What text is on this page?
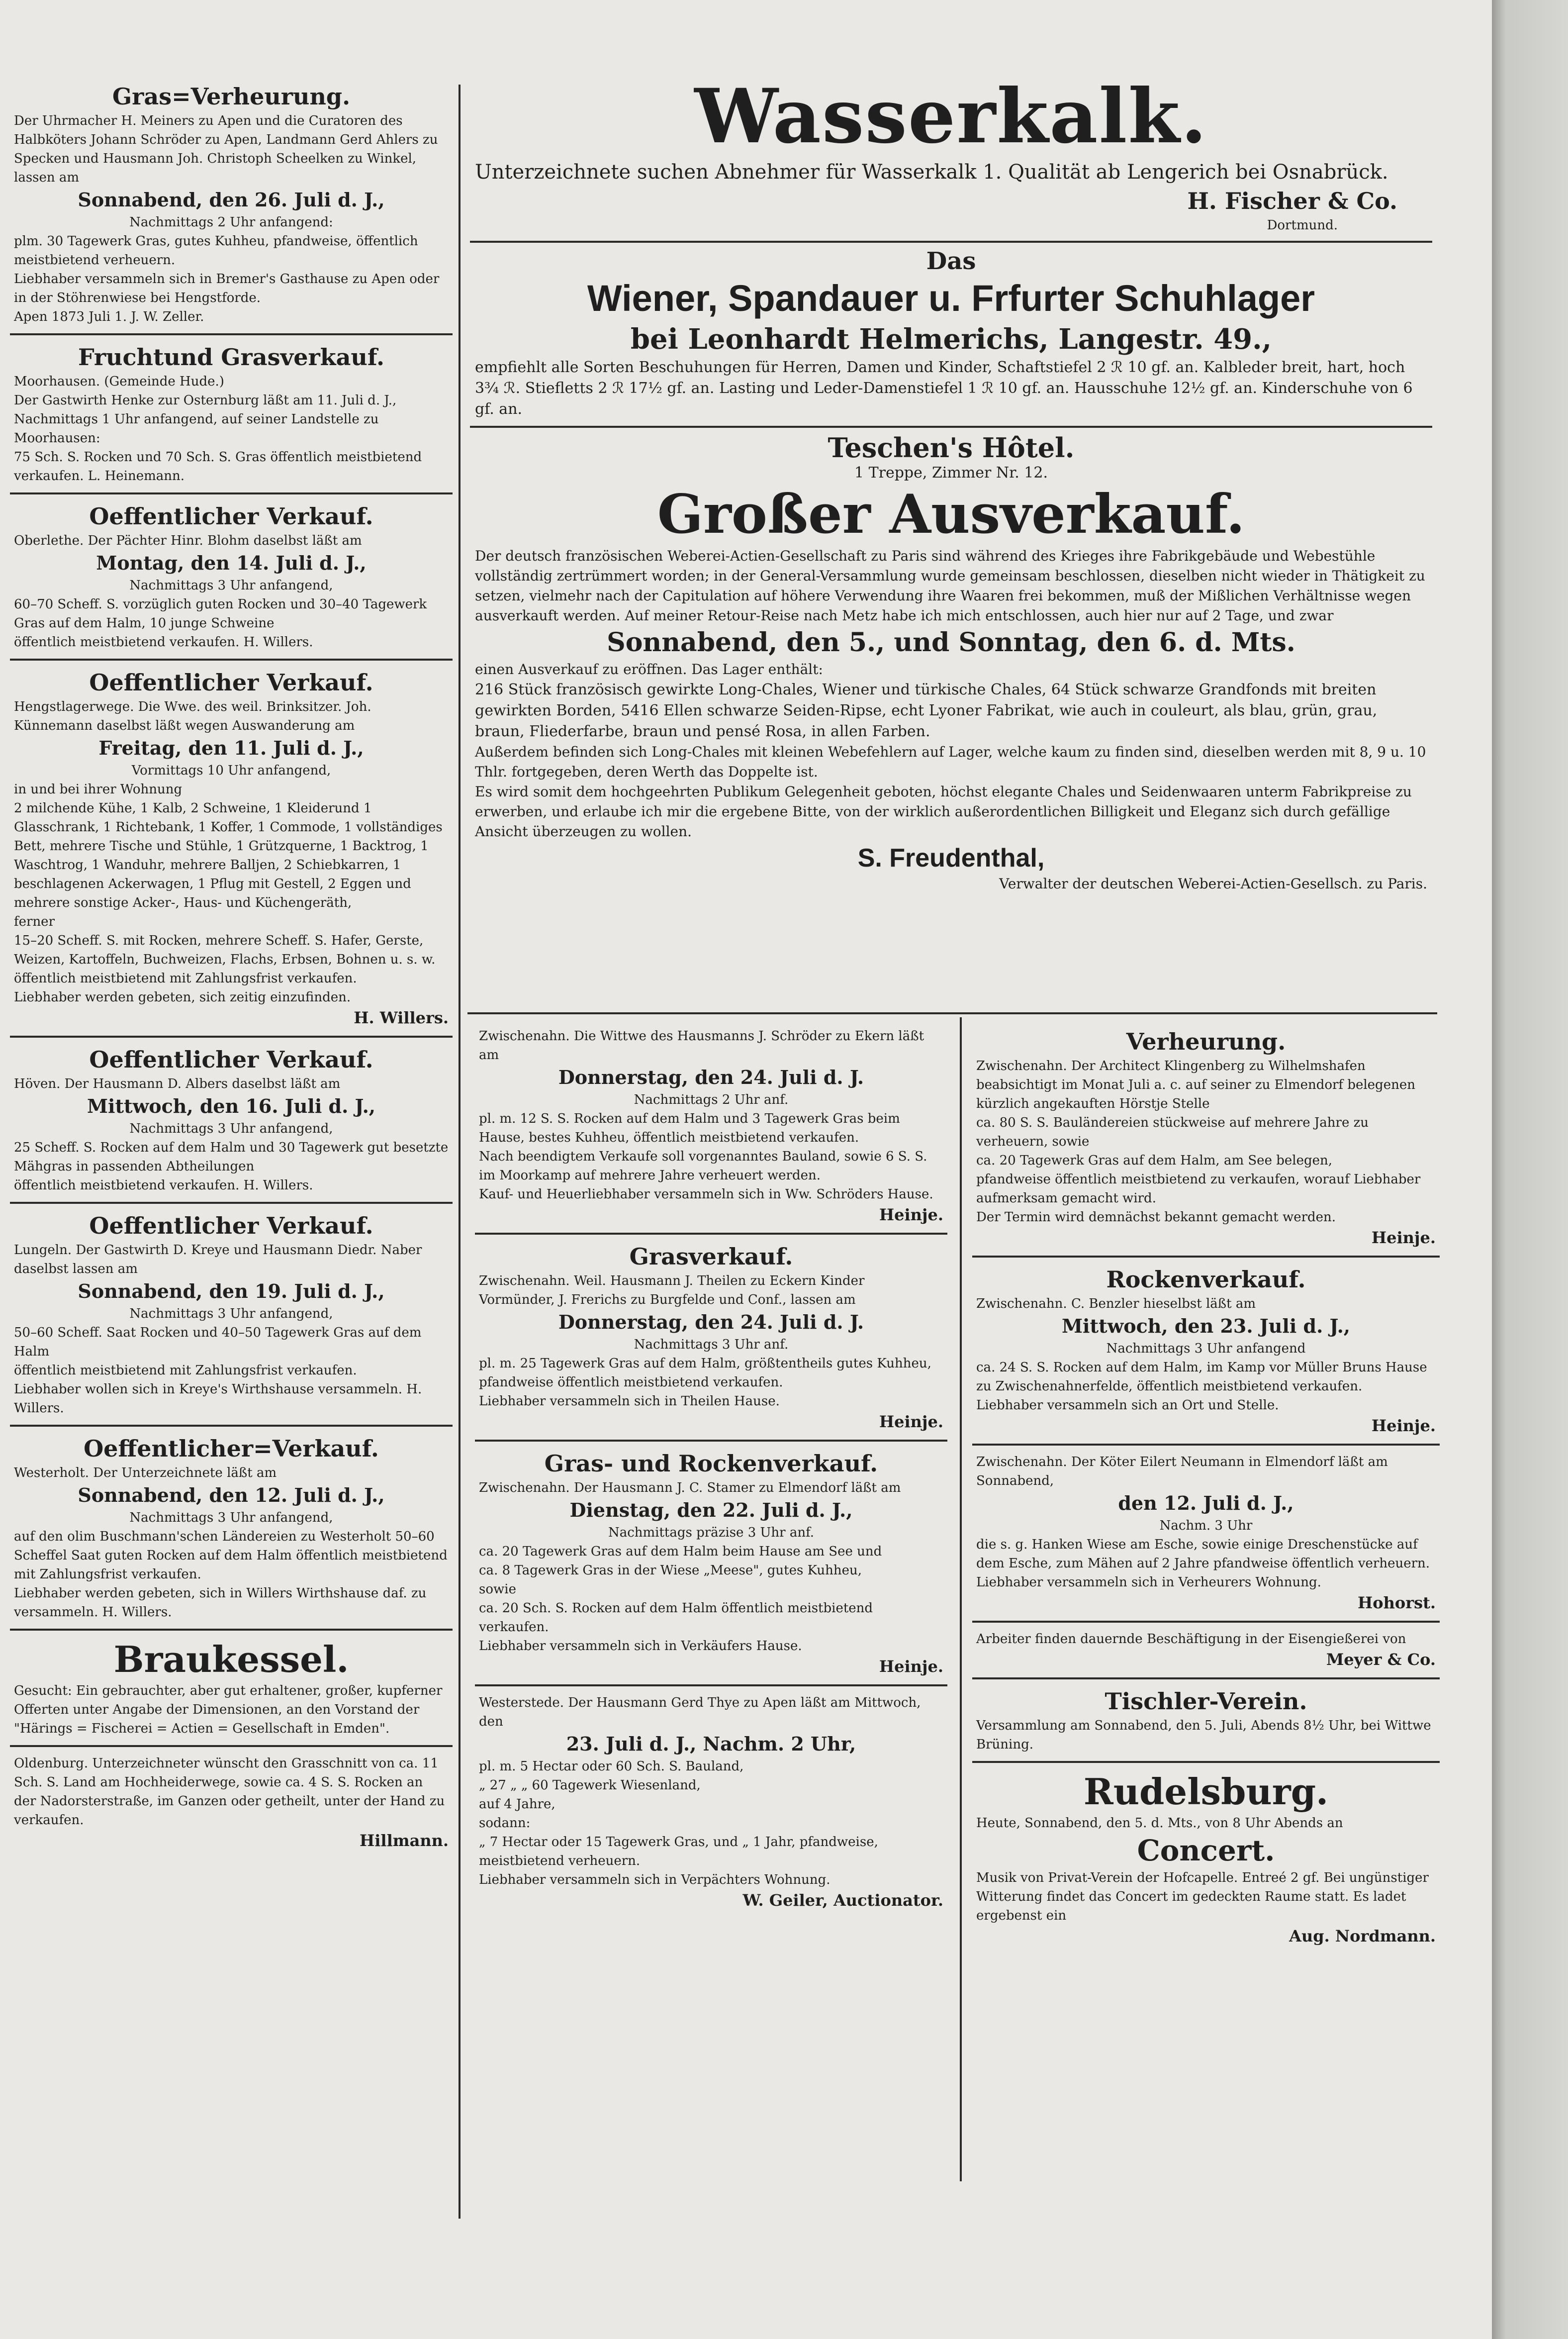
Gras=Verheurung.

Der Uhrmacher H. Meiners zu Apen und die Curatoren des Halbköters Johann Schröder zu Apen, Landmann Gerd Ahlers zu Specken und Hausmann Joh. Christoph Scheelken zu Winkel, lassen am

Sonnabend, den 26. Juli d. J.,

Nachmittags 2 Uhr anfangend:

plm. 30 Tagewerk Gras, gutes Kuhheu, pfandweise, öffentlich meistbietend verheuern.

Liebhaber versammeln sich in Bremer's Gasthause zu Apen oder in der Stöhrenwiese bei Hengstforde.

Apen 1873 Juli 1. J. W. Zeller.

Fruchtund Grasverkauf.

Moorhausen. (Gemeinde Hude.)

Der Gastwirth Henke zur Osternburg läßt am 11. Juli d. J., Nachmittags 1 Uhr anfangend, auf seiner Landstelle zu Moorhausen:

75 Sch. S. Rocken und 70 Sch. S. Gras öffentlich meistbietend verkaufen. L. Heinemann.

Oeffentlicher Verkauf.

Oberlethe. Der Pächter Hinr. Blohm daselbst läßt am

Montag, den 14. Juli d. J.,

Nachmittags 3 Uhr anfangend,

60–70 Scheff. S. vorzüglich guten Rocken und 30–40 Tagewerk Gras auf dem Halm, 10 junge Schweine

öffentlich meistbietend verkaufen. H. Willers.

Oeffentlicher Verkauf.

Hengstlagerwege. Die Wwe. des weil. Brinksitzer. Joh. Künnemann daselbst läßt wegen Auswanderung am

Freitag, den 11. Juli d. J.,

Vormittags 10 Uhr anfangend,

in und bei ihrer Wohnung

2 milchende Kühe, 1 Kalb, 2 Schweine, 1 Kleiderund 1 Glasschrank, 1 Richtebank, 1 Koffer, 1 Commode, 1 vollständiges Bett, mehrere Tische und Stühle, 1 Grützquerne, 1 Backtrog, 1 Waschtrog, 1 Wanduhr, mehrere Balljen, 2 Schiebkarren, 1 beschlagenen Ackerwagen, 1 Pflug mit Gestell, 2 Eggen und mehrere sonstige Acker-, Haus- und Küchengeräth,

ferner

15–20 Scheff. S. mit Rocken, mehrere Scheff. S. Hafer, Gerste, Weizen, Kartoffeln, Buchweizen, Flachs, Erbsen, Bohnen u. s. w.

öffentlich meistbietend mit Zahlungsfrist verkaufen.

Liebhaber werden gebeten, sich zeitig einzufinden.

H. Willers.

Oeffentlicher Verkauf.

Höven. Der Hausmann D. Albers daselbst läßt am

Mittwoch, den 16. Juli d. J.,

Nachmittags 3 Uhr anfangend,

25 Scheff. S. Rocken auf dem Halm und 30 Tagewerk gut besetzte Mähgras in passenden Abtheilungen

öffentlich meistbietend verkaufen. H. Willers.

Oeffentlicher Verkauf.

Lungeln. Der Gastwirth D. Kreye und Hausmann Diedr. Naber daselbst lassen am

Sonnabend, den 19. Juli d. J.,

Nachmittags 3 Uhr anfangend,

50–60 Scheff. Saat Rocken und 40–50 Tagewerk Gras auf dem Halm

öffentlich meistbietend mit Zahlungsfrist verkaufen.

Liebhaber wollen sich in Kreye's Wirthshause versammeln. H. Willers.

Oeffentlicher=Verkauf.

Westerholt. Der Unterzeichnete läßt am

Sonnabend, den 12. Juli d. J.,

Nachmittags 3 Uhr anfangend,

auf den olim Buschmann'schen Ländereien zu Westerholt 50–60 Scheffel Saat guten Rocken auf dem Halm öffentlich meistbietend mit Zahlungsfrist verkaufen.

Liebhaber werden gebeten, sich in Willers Wirthshause daf. zu versammeln. H. Willers.

Braukessel.

Gesucht: Ein gebrauchter, aber gut erhaltener, großer, kupferner

Offerten unter Angabe der Dimensionen, an den Vorstand der "Härings = Fischerei = Actien = Gesellschaft in Emden".

Oldenburg. Unterzeichneter wünscht den Grasschnitt von ca. 11 Sch. S. Land am Hochheiderwege, sowie ca. 4 S. S. Rocken an der Nadorsterstraße, im Ganzen oder getheilt, unter der Hand zu verkaufen.

Hillmann.

Wasserkalk.

Unterzeichnete suchen Abnehmer für Wasserkalk 1. Qualität ab Lengerich bei Osnabrück.

H. Fischer & Co.

Dortmund.

Das

Wiener, Spandauer u. Frfurter Schuhlager

bei Leonhardt Helmerichs, Langestr. 49.,

empfiehlt alle Sorten Beschuhungen für Herren, Damen und Kinder, Schaftstiefel 2 ℛ 10 gf. an. Kalbleder breit, hart, hoch 3¾ ℛ. Stiefletts 2 ℛ 17½ gf. an. Lasting und Leder-Damenstiefel 1 ℛ 10 gf. an. Hausschuhe 12½ gf. an. Kinderschuhe von 6 gf. an.

Teschen's Hôtel.

1 Treppe, Zimmer Nr. 12.

Großer Ausverkauf.

Der deutsch französischen Weberei-Actien-Gesellschaft zu Paris sind während des Krieges ihre Fabrikgebäude und Webestühle vollständig zertrümmert worden; in der General-Versammlung wurde gemeinsam beschlossen, dieselben nicht wieder in Thätigkeit zu setzen, vielmehr nach der Capitulation auf höhere Verwendung ihre Waaren frei bekommen, muß der Mißlichen Verhältnisse wegen ausverkauft werden. Auf meiner Retour-Reise nach Metz habe ich mich entschlossen, auch hier nur auf 2 Tage, und zwar

Sonnabend, den 5., und Sonntag, den 6. d. Mts.

einen Ausverkauf zu eröffnen. Das Lager enthält:

216 Stück französisch gewirkte Long-Chales, Wiener und türkische Chales, 64 Stück schwarze Grandfonds mit breiten gewirkten Borden, 5416 Ellen schwarze Seiden-Ripse, echt Lyoner Fabrikat, wie auch in couleurt, als blau, grün, grau, braun, Fliederfarbe, braun und pensé Rosa, in allen Farben.

Außerdem befinden sich Long-Chales mit kleinen Webefehlern auf Lager, welche kaum zu finden sind, dieselben werden mit 8, 9 u. 10 Thlr. fortgegeben, deren Werth das Doppelte ist.

Es wird somit dem hochgeehrten Publikum Gelegenheit geboten, höchst elegante Chales und Seidenwaaren unterm Fabrikpreise zu erwerben, und erlaube ich mir die ergebene Bitte, von der wirklich außerordentlichen Billigkeit und Eleganz sich durch gefällige Ansicht überzeugen zu wollen.

S. Freudenthal,

Verwalter der deutschen Weberei-Actien-Gesellsch. zu Paris.

Zwischenahn. Die Wittwe des Hausmanns J. Schröder zu Ekern läßt am

Donnerstag, den 24. Juli d. J.

Nachmittags 2 Uhr anf.

pl. m. 12 S. S. Rocken auf dem Halm und 3 Tagewerk Gras beim Hause, bestes Kuhheu, öffentlich meistbietend verkaufen.

Nach beendigtem Verkaufe soll vorgenanntes Bauland, sowie 6 S. S. im Moorkamp auf mehrere Jahre verheuert werden.

Kauf- und Heuerliebhaber versammeln sich in Ww. Schröders Hause.

Heinje.

Grasverkauf.

Zwischenahn. Weil. Hausmann J. Theilen zu Eckern Kinder Vormünder, J. Frerichs zu Burgfelde und Conf., lassen am

Donnerstag, den 24. Juli d. J.

Nachmittags 3 Uhr anf.

pl. m. 25 Tagewerk Gras auf dem Halm, größtentheils gutes Kuhheu, pfandweise öffentlich meistbietend verkaufen.

Liebhaber versammeln sich in Theilen Hause.

Heinje.

Gras- und Rockenverkauf.

Zwischenahn. Der Hausmann J. C. Stamer zu Elmendorf läßt am

Dienstag, den 22. Juli d. J.,

Nachmittags präzise 3 Uhr anf.

ca. 20 Tagewerk Gras auf dem Halm beim Hause am See und

ca. 8 Tagewerk Gras in der Wiese „Meese", gutes Kuhheu,

sowie

ca. 20 Sch. S. Rocken auf dem Halm öffentlich meistbietend verkaufen.

Liebhaber versammeln sich in Verkäufers Hause.

Heinje.

Westerstede. Der Hausmann Gerd Thye zu Apen läßt am Mittwoch, den

23. Juli d. J., Nachm. 2 Uhr,

pl. m. 5 Hectar oder 60 Sch. S. Bauland,

„ 27 „ „ 60 Tagewerk Wiesenland,

auf 4 Jahre,

sodann:

„ 7 Hectar oder 15 Tagewerk Gras, und „ 1 Jahr, pfandweise,

meistbietend verheuern.

Liebhaber versammeln sich in Verpächters Wohnung.

W. Geiler, Auctionator.

Verheurung.

Zwischenahn. Der Architect Klingenberg zu Wilhelmshafen beabsichtigt im Monat Juli a. c. auf seiner zu Elmendorf belegenen kürzlich angekauften Hörstje Stelle

ca. 80 S. S. Bauländereien stückweise auf mehrere Jahre zu verheuern, sowie

ca. 20 Tagewerk Gras auf dem Halm, am See belegen,

pfandweise öffentlich meistbietend zu verkaufen, worauf Liebhaber aufmerksam gemacht wird.

Der Termin wird demnächst bekannt gemacht werden.

Heinje.

Rockenverkauf.

Zwischenahn. C. Benzler hieselbst läßt am

Mittwoch, den 23. Juli d. J.,

Nachmittags 3 Uhr anfangend

ca. 24 S. S. Rocken auf dem Halm, im Kamp vor Müller Bruns Hause zu Zwischenahnerfelde, öffentlich meistbietend verkaufen.

Liebhaber versammeln sich an Ort und Stelle.

Heinje.

Zwischenahn. Der Köter Eilert Neumann in Elmendorf läßt am Sonnabend,

den 12. Juli d. J.,

Nachm. 3 Uhr

die s. g. Hanken Wiese am Esche, sowie einige Dreschenstücke auf dem Esche, zum Mähen auf 2 Jahre pfandweise öffentlich verheuern.

Liebhaber versammeln sich in Verheurers Wohnung.

Hohorst.

Arbeiter finden dauernde Beschäftigung in der Eisengießerei von

Meyer & Co.

Tischler-Verein.

Versammlung am Sonnabend, den 5. Juli, Abends 8½ Uhr, bei Wittwe Brüning.

Rudelsburg.

Heute, Sonnabend, den 5. d. Mts., von 8 Uhr Abends an

Concert.

Musik von Privat-Verein der Hofcapelle. Entreé 2 gf. Bei ungünstiger Witterung findet das Concert im gedeckten Raume statt. Es ladet ergebenst ein

Aug. Nordmann.
